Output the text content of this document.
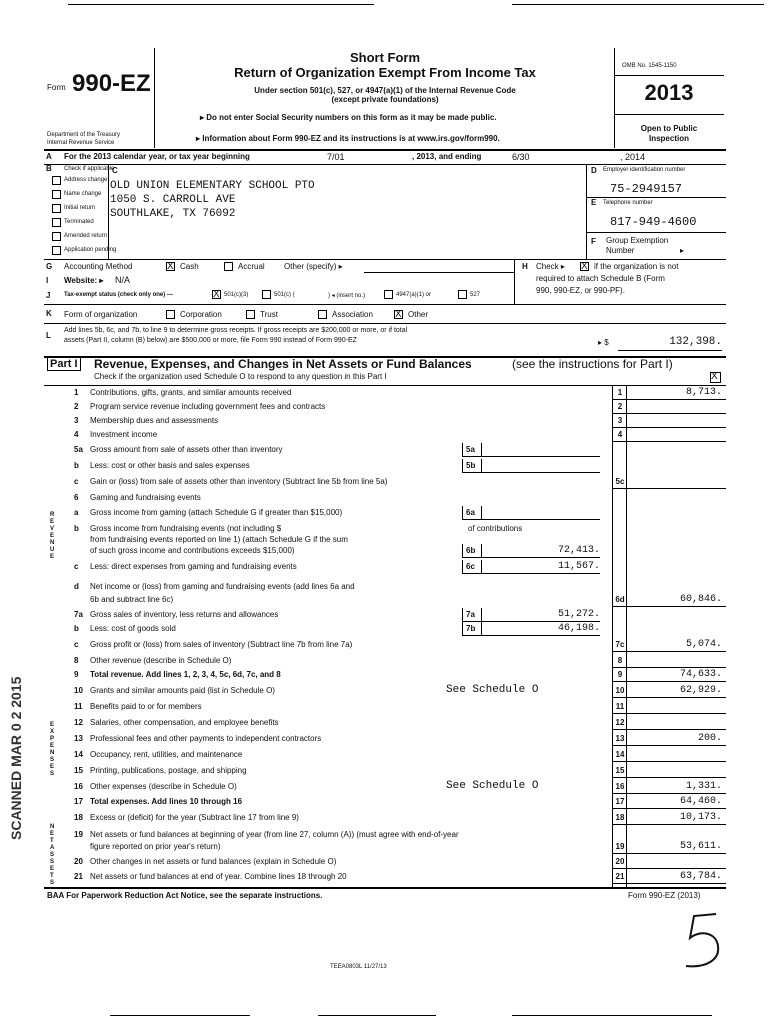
Form 990-EZ
Department of the Treasury
Internal Revenue Service
Short Form
Return of Organization Exempt From Income Tax
Under section 501(c), 527, or 4947(a)(1) of the Internal Revenue Code
(except private foundations)
▸ Do not enter Social Security numbers on this form as it may be made public.
▸ Information about Form 990-EZ and its instructions is at www.irs.gov/form990.
OMB No. 1545-1150
2013
Open to Public
Inspection
A For the 2013 calendar year, or tax year beginning	7/01	, 2013, and ending	6/30	, 2014
B Check if applicable
Address change
Name change
Initial return
Terminated
Amended return
Application pending
C
OLD UNION ELEMENTARY SCHOOL PTO
1050 S. CARROLL AVE
SOUTHLAKE, TX 76092
D Employer identification number
75-2949157
E Telephone number
817-949-4600
F Group Exemption
Number	▸
G Accounting Method X	Cash	Accrual Other (specify) ▸
I Website: ▸ N/A
J Tax-exempt status (check only one) — X	501(c)(3)	501(c) (	) ◂ (insert no.)	4947(a)(1) or	527
H Check ▸ X	if the organization is not
required to attach Schedule B (Form
990, 990-EZ, or 990-PF).
K Form of organization	Corporation	Trust	Association X	Other
L
Add lines 5b, 6c, and 7b, to line 9 to determine gross receipts. If gross receipts are $200,000 or more, or if total
assets (Part II, column (B) below) are $500,000 or more, file Form 990 instead of Form 990-EZ	▸ $	132,398.
Part I Revenue, Expenses, and Changes in Net Assets or Fund Balances	(see the instructions for Part I)
Check if the organization used Schedule O to respond to any question in this Part I
X
REVENUE
EXPENSES
NET ASSETS
1 Contributions, gifts, grants, and similar amounts received	1	8,713.
2 Program service revenue including government fees and contracts	2
3 Membership dues and assessments	3
4 Investment income	4
5a Gross amount from sale of assets other than inventory	5a
b Less: cost or other basis and sales expenses	5b
c Gain or (loss) from sale of assets other than inventory (Subtract line 5b from line 5a)	5c
6 Gaming and fundraising events
a Gross income from gaming (attach Schedule G if greater than $15,000)	6a
b Gross income from fundraising events (not including $	of contributions
from fundraising events reported on line 1) (attach Schedule G if the sum
of such gross income and contributions exceeds $15,000)	6b	72,413.
c Less: direct expenses from gaming and fundraising events	6c	11,567.
d Net income or (loss) from gaming and fundraising events (add lines 6a and
6b and subtract line 6c)	6d	60,846.
7a Gross sales of inventory, less returns and allowances	7a	51,272.
b Less: cost of goods sold	7b	46,198.
c Gross profit or (loss) from sales of inventory (Subtract line 7b from line 7a)	7c	5,074.
8 Other revenue (describe in Schedule O)	8
9 Total revenue. Add lines 1, 2, 3, 4, 5c, 6d, 7c, and 8	9	74,633.
10 Grants and similar amounts paid (list in Schedule O)	See Schedule O	10	62,929.
11 Benefits paid to or for members	11
12 Salaries, other compensation, and employee benefits	12
13 Professional fees and other payments to independent contractors	13	200.
14 Occupancy, rent, utilities, and maintenance	14
15 Printing, publications, postage, and shipping	15
16 Other expenses (describe in Schedule O)	See Schedule O	16	1,331.
17 Total expenses. Add lines 10 through 16	17	64,460.
18 Excess or (deficit) for the year (Subtract line 17 from line 9)	18	10,173.
19 Net assets or fund balances at beginning of year (from line 27, column (A)) (must agree with end-of-year
figure reported on prior year's return)	19	53,611.
20 Other changes in net assets or fund balances (explain in Schedule O)	20
21 Net assets or fund balances at end of year. Combine lines 18 through 20	21	63,784.
BAA For Paperwork Reduction Act Notice, see the separate instructions.	Form 990-EZ (2013)
TEEA0803L 11/27/13
SCANNED MAR 0 2 2015
